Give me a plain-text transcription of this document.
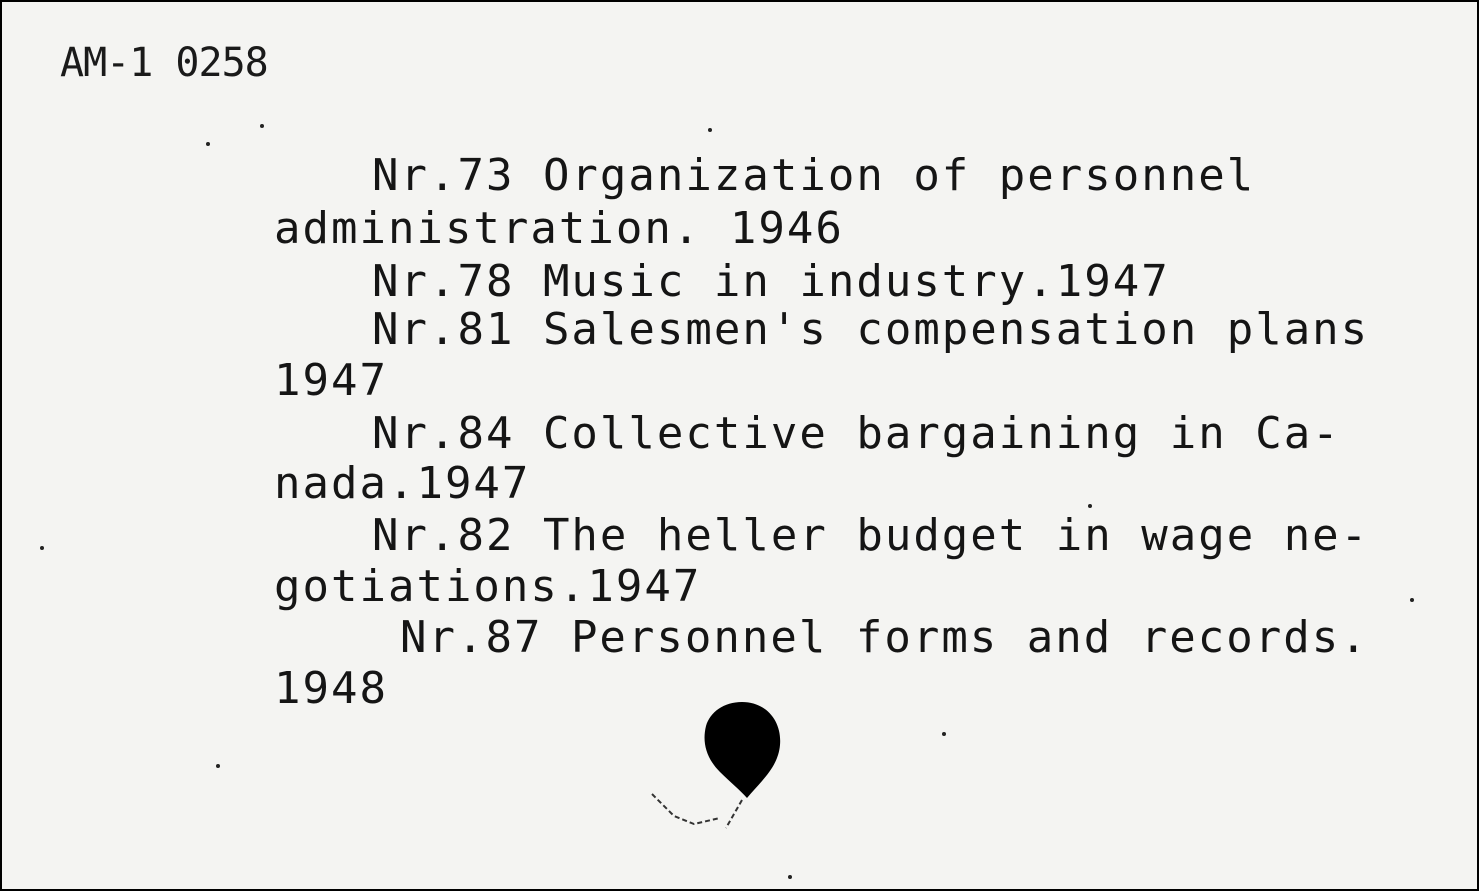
AM-1 0258
Nr.73 Organization of personnel
administration. 1946
Nr.78 Music in industry.1947
Nr.81 Salesmen's compensation plans
1947
Nr.84 Collective bargaining in Ca-
nada.1947
Nr.82 The heller budget in wage ne-
gotiations.1947
Nr.87 Personnel forms and records.
1948
